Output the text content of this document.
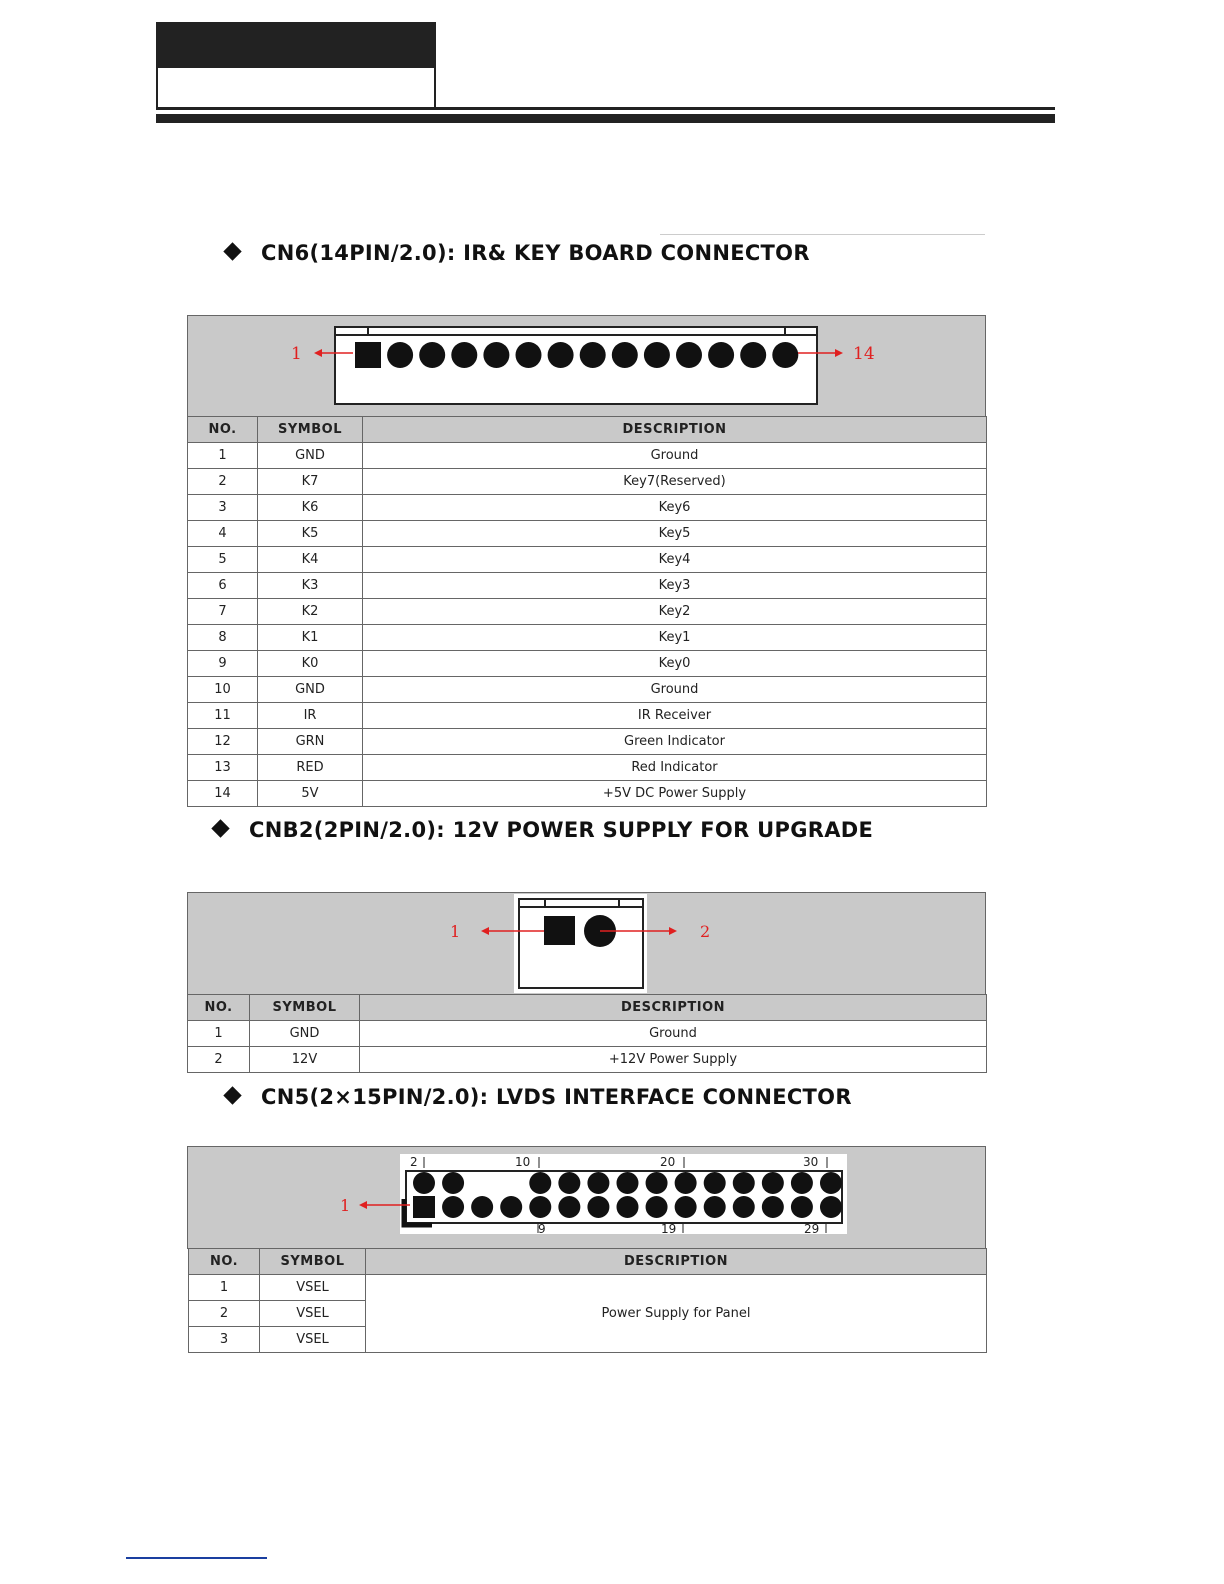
CN6(14PIN/2.0): IR& KEY BOARD CONNECTOR
1	14
NO.	SYMBOL	DESCRIPTION
1	GND	Ground
2	K7	Key7(Reserved)
3	K6	Key6
4	K5	Key5
5	K4	Key4
6	K3	Key3
7	K2	Key2
8	K1	Key1
9	K0	Key0
10	GND	Ground
11	IR	IR Receiver
12	GRN	Green Indicator
13	RED	Red Indicator
14	5V	+5V DC Power Supply
CNB2(2PIN/2.0): 12V POWER SUPPLY FOR UPGRADE
1	2
NO.	SYMBOL	DESCRIPTION
1	GND	Ground
2	12V	+12V Power Supply
CN5(2×15PIN/2.0): LVDS INTERFACE CONNECTOR
2	10	20	30
9	19	29
1
NO.	SYMBOL	DESCRIPTION
1	VSEL	Power Supply for Panel
2	VSEL	
3	VSEL	
